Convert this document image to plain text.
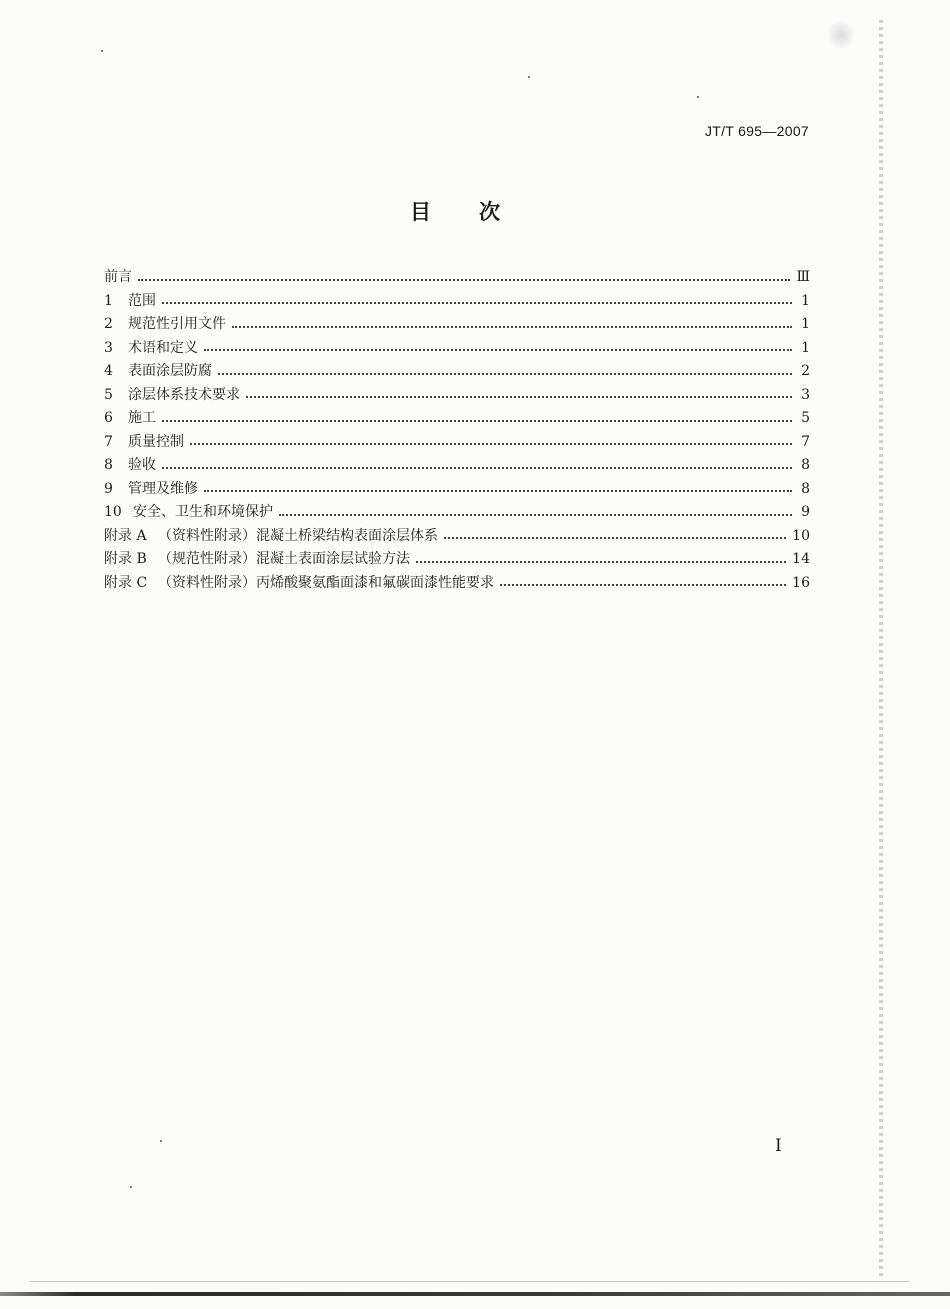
JT/T 695—2007
目 次
前言	Ⅲ
1	范围	1
2	规范性引用文件	1
3	术语和定义	1
4	表面涂层防腐	2
5	涂层体系技术要求	3
6	施工	5
7	质量控制	7
8	验收	8
9	管理及维修	8
10 安全、卫生和环境保护	9
附录 A （资料性附录）混凝土桥梁结构表面涂层体系	10
附录 B （规范性附录）混凝土表面涂层试验方法	14
附录 C （资料性附录）丙烯酸聚氨酯面漆和氟碳面漆性能要求	16
I
